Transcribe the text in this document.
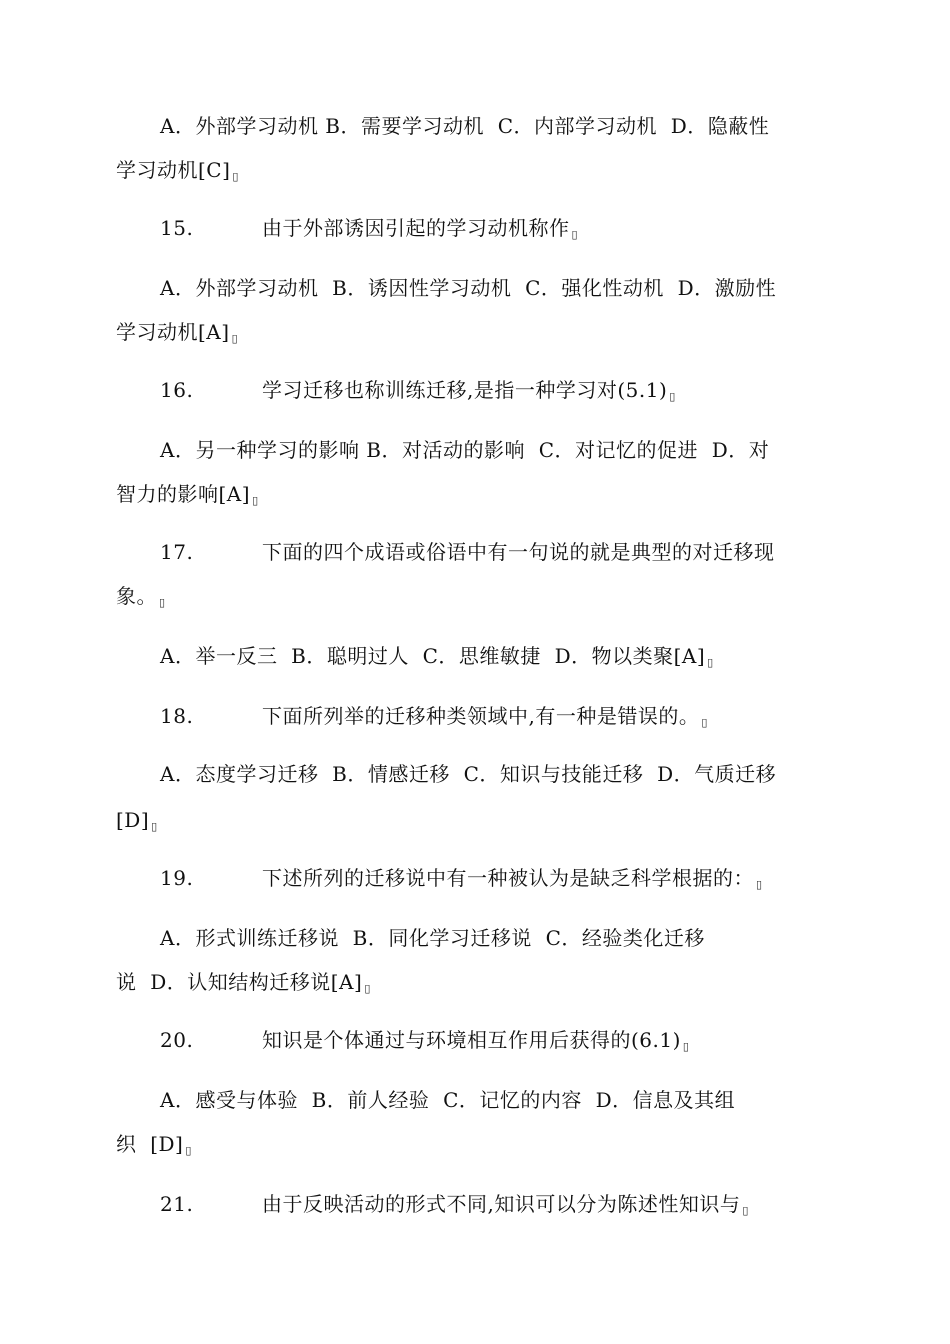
A．外部学习动机 B．需要学习动机  C．内部学习动机  D．隐蔽性
学习动机[C] ▯
15.	由于外部诱因引起的学习动机称作 ▯
A．外部学习动机  B．诱因性学习动机  C．强化性动机  D．激励性
学习动机[A] ▯
16.	学习迁移也称训练迁移,是指一种学习对(5.1) ▯
A．另一种学习的影响 B．对活动的影响  C．对记忆的促进  D．对
智力的影响[A] ▯
17.	下面的四个成语或俗语中有一句说的就是典型的对迁移现
象。 ▯
A．举一反三  B．聪明过人  C．思维敏捷  D．物以类聚[A] ▯
18.	下面所列举的迁移种类领域中,有一种是错误的。 ▯
A．态度学习迁移  B．情感迁移  C．知识与技能迁移  D．气质迁移
[D] ▯
19.	下述所列的迁移说中有一种被认为是缺乏科学根据的： ▯
A．形式训练迁移说  B．同化学习迁移说  C．经验类化迁移
说  D．认知结构迁移说[A] ▯
20.	知识是个体通过与环境相互作用后获得的(6.1) ▯
A．感受与体验  B．前人经验  C．记忆的内容  D．信息及其组
织  [D] ▯
21.	由于反映活动的形式不同,知识可以分为陈述性知识与 ▯
